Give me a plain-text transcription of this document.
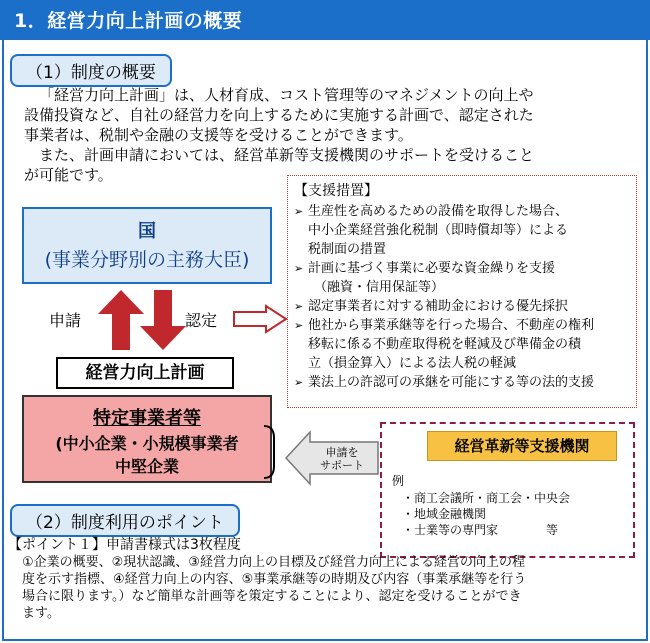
1．経営力向上計画の概要
（1）制度の概要
「経営力向上計画」は、人材育成、コスト管理等のマネジメントの向上や
設備投資など、自社の経営力を向上するために実施する計画で、認定された
事業者は、税制や金融の支援等を受けることができます。
また、計画申請においては、経営革新等支援機関のサポートを受けること
が可能です。
【支援措置】
➢ 生産性を高めるための設備を取得した場合、
中小企業経営強化税制（即時償却等）による
税制面の措置
➢ 計画に基づく事業に必要な資金繰りを支援
（融資・信用保証等）
➢ 認定事業者に対する補助金における優先採択
➢ 他社から事業承継等を行った場合、不動産の権利
移転に係る不動産取得税を軽減及び準備金の積
立（損金算入）による法人税の軽減
➢ 業法上の許認可の承継を可能にする等の法的支援
国
(事業分野別の主務大臣)
申請	認定
経営力向上計画
特定事業者等
(中小企業・小規模事業者
中堅企業
申請を
サポート
経営革新等支援機関
例
・商工会議所・商工会・中央会
・地域金融機関
・士業等の専門家　　　　等
（2）制度利用のポイント
【ポイント１】申請書様式は3枚程度
①企業の概要、②現状認識、③経営力向上の目標及び経営力向上による経営の向上の程
度を示す指標、④経営力向上の内容、⑤事業承継等の時期及び内容（事業承継等を行う
場合に限ります。）など簡単な計画等を策定することにより、認定を受けることができ
ます。
